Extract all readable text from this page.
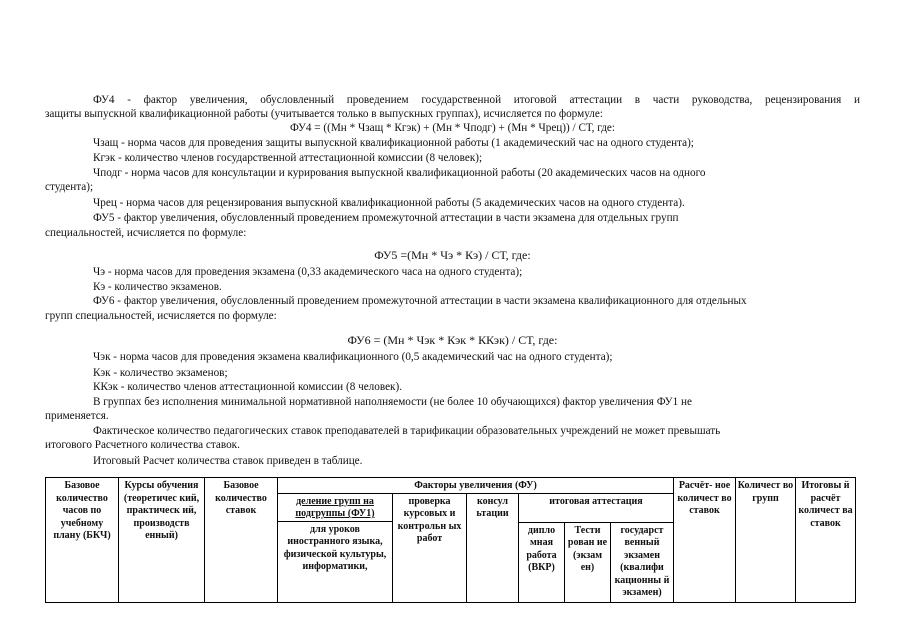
ФУ4 - фактор увеличения, обусловленный проведением государственной итоговой аттестации в части руководства, рецензирования и
защиты выпускной квалификационной работы (учитывается только в выпускных группах), исчисляется по формуле:
ФУ4 = ((Мн * Чзащ * Кгэк) + (Мн * Чподг) + (Мн * Чрец)) / СТ, где:
Чзащ - норма часов для проведения защиты выпускной квалификационной работы (1 академический час на одного студента);
Кгэк - количество членов государственной аттестационной комиссии (8 человек);
Чподг - норма часов для консультации и курирования выпускной квалификационной работы (20 академических часов на одного
студента);
Чрец - норма часов для рецензирования выпускной квалификационной работы (5 академических часов на одного студента).
ФУ5 - фактор увеличения, обусловленный проведением промежуточной аттестации в части экзамена для отдельных групп
специальностей, исчисляется по формуле:
ФУ5 =(Мн * Чэ * Кэ) / СТ, где:
Чэ - норма часов для проведения экзамена (0,33 академического часа на одного студента);
Кэ - количество экзаменов.
ФУ6 - фактор увеличения, обусловленный проведением промежуточной аттестации в части экзамена квалификационного для отдельных
групп специальностей, исчисляется по формуле:
ФУ6 = (Мн * Чэк * Кэк * ККэк) / СТ, где:
Чэк - норма часов для проведения экзамена квалификационного (0,5 академический час на одного студента);
Кэк - количество экзаменов;
ККэк - количество членов аттестационной комиссии (8 человек).
В группах без исполнения минимальной нормативной наполняемости (не более 10 обучающихся) фактор увеличения ФУ1 не
применяется.
Фактическое количество педагогических ставок преподавателей в тарификации образовательных учреждений не может превышать
итогового Расчетного количества ставок.
Итоговый Расчет количества ставок приведен в таблице.
Базовое количество часов по учебному плану (БКЧ)	Курсы обучения (теоретичес кий, практическ ий, производств енный)	Базовое количество ставок	Факторы увеличения (ФУ)						Расчёт- ное количест во ставок	Количест во групп	Итоговы й расчёт количест ва ставок
			деление групп на подгруппы (ФУ1)	проверка курсовых и контрольн ых работ	консул ьтации	итоговая аттестация					
			для уроков иностранного языка, физической культуры, информатики,								
						дипло мная работа (ВКР)	Тести рован ие (экзам ен)	государст венный экзамен (квалифи кационны й экзамен)			
